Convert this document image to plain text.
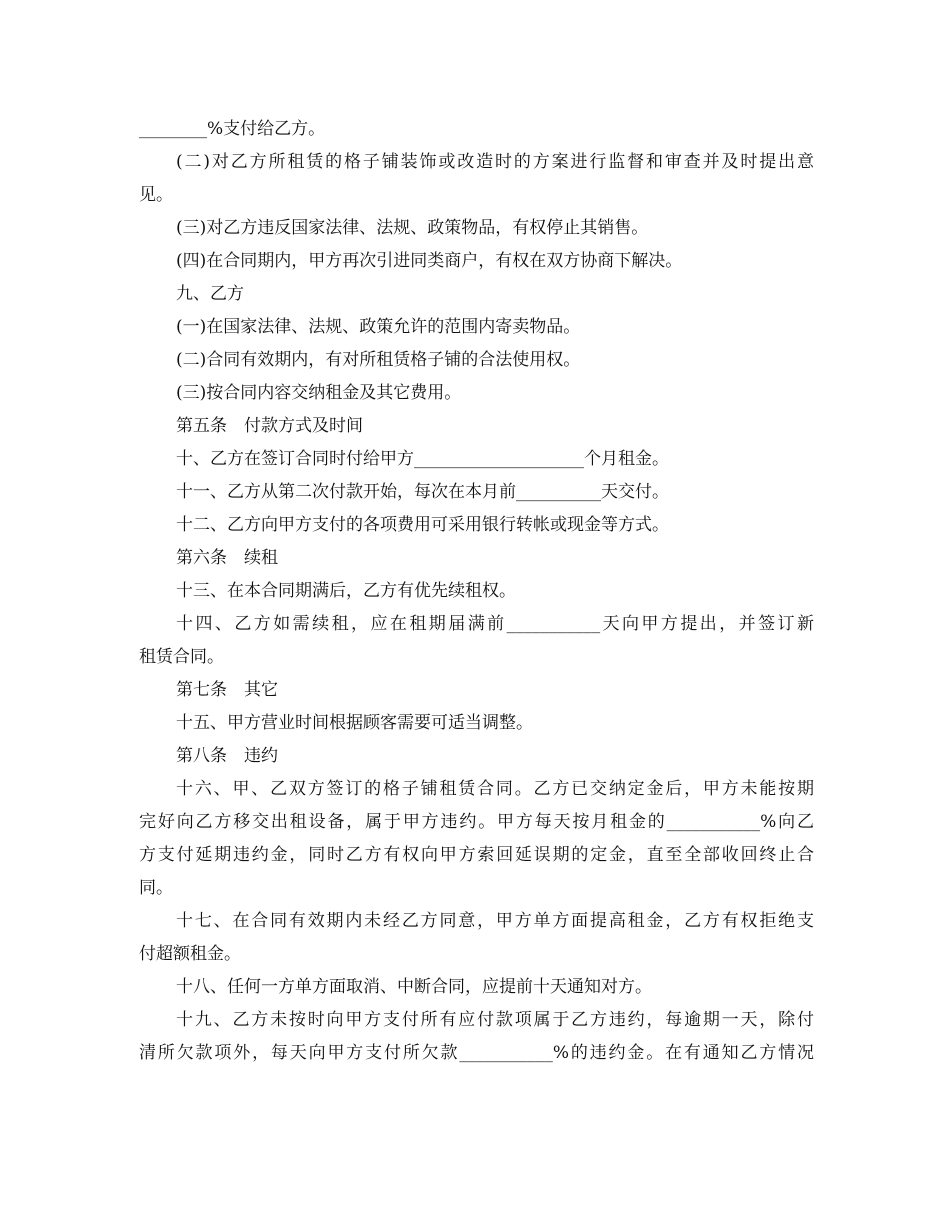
________%支付给乙方。
(二)对乙方所租赁的格子铺装饰或改造时的方案进行监督和审查并及时提出意
见。
(三)对乙方违反国家法律、法规、政策物品，有权停止其销售。
(四)在合同期内，甲方再次引进同类商户，有权在双方协商下解决。
九、乙方
(一)在国家法律、法规、政策允许的范围内寄卖物品。
(二)合同有效期内，有对所租赁格子铺的合法使用权。
(三)按合同内容交纳租金及其它费用。
第五条　付款方式及时间
十、乙方在签订合同时付给甲方____________________个月租金。
十一、乙方从第二次付款开始，每次在本月前__________天交付。
十二、乙方向甲方支付的各项费用可采用银行转帐或现金等方式。
第六条　续租
十三、在本合同期满后，乙方有优先续租权。
十四、乙方如需续租，应在租期届满前___________天向甲方提出，并签订新
租赁合同。
第七条　其它
十五、甲方营业时间根据顾客需要可适当调整。
第八条　违约
十六、甲、乙双方签订的格子铺租赁合同。乙方已交纳定金后，甲方未能按期
完好向乙方移交出租设备，属于甲方违约。甲方每天按月租金的___________%向乙
方支付延期违约金，同时乙方有权向甲方索回延误期的定金，直至全部收回终止合
同。
十七、在合同有效期内未经乙方同意，甲方单方面提高租金，乙方有权拒绝支
付超额租金。
十八、任何一方单方面取消、中断合同，应提前十天通知对方。
十九、乙方未按时向甲方支付所有应付款项属于乙方违约，每逾期一天，除付
清所欠款项外，每天向甲方支付所欠款___________%的违约金。在有通知乙方情况
